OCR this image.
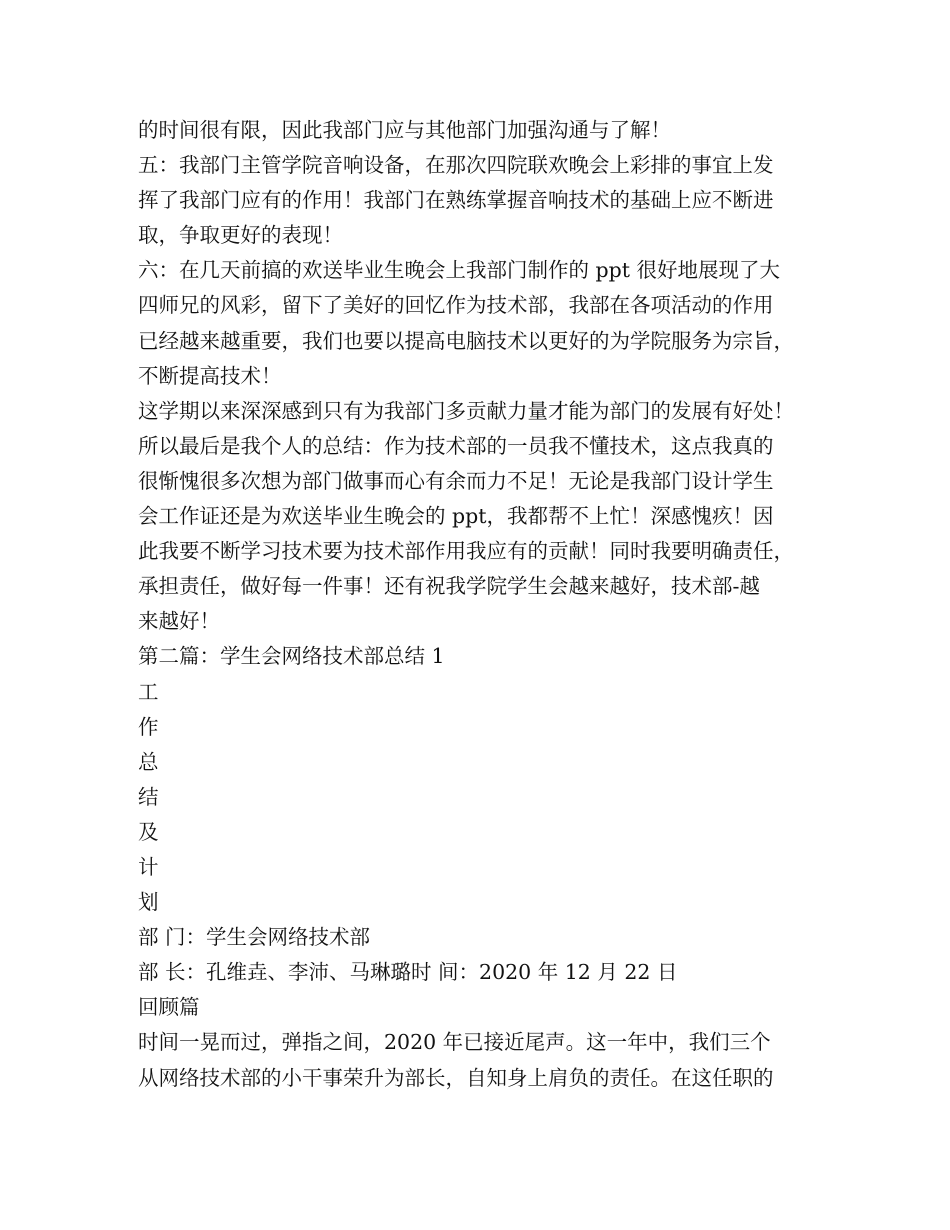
的时间很有限，因此我部门应与其他部门加强沟通与了解！
五：我部门主管学院音响设备，在那次四院联欢晚会上彩排的事宜上发
挥了我部门应有的作用！我部门在熟练掌握音响技术的基础上应不断进
取，争取更好的表现！
六：在几天前搞的欢送毕业生晚会上我部门制作的 ppt 很好地展现了大
四师兄的风彩，留下了美好的回忆作为技术部，我部在各项活动的作用
已经越来越重要，我们也要以提高电脑技术以更好的为学院服务为宗旨，
不断提高技术！
这学期以来深深感到只有为我部门多贡献力量才能为部门的发展有好处！
所以最后是我个人的总结：作为技术部的一员我不懂技术，这点我真的
很惭愧很多次想为部门做事而心有余而力不足！无论是我部门设计学生
会工作证还是为欢送毕业生晚会的 ppt，我都帮不上忙！深感愧疚！因
此我要不断学习技术要为技术部作用我应有的贡献！同时我要明确责任，
承担责任，做好每一件事！还有祝我学院学生会越来越好，技术部-越
来越好！
第二篇：学生会网络技术部总结 1
工
作
总
结
及
计
划
部 门：学生会网络技术部
部 长：孔维垚、李沛、马琳璐时 间：2020 年 12 月 22 日
回顾篇
时间一晃而过，弹指之间，2020 年已接近尾声。这一年中，我们三个
从网络技术部的小干事荣升为部长，自知身上肩负的责任。在这任职的
